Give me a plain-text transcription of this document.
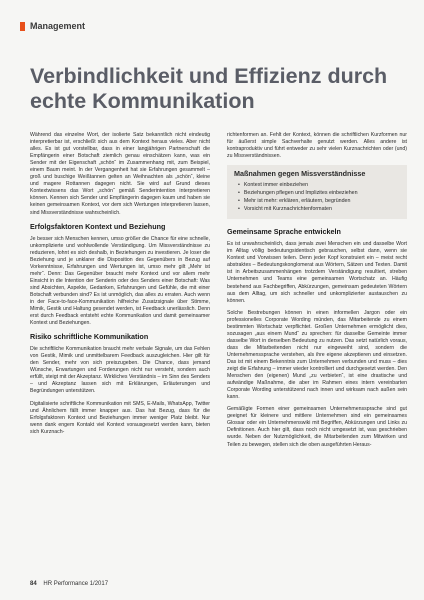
Management
Verbindlichkeit und Effizienz durch echte Kommunikation

Während das einzelne Wort, der isolierte Satz bekanntlich nicht eindeutig interpretierbar ist, erschließt sich aus dem Kontext heraus vieles. Aber nicht alles. Es ist gut vorstellbar, dass in einer langjährigen Partnerschaft die Empfängerin einer Botschaft ziemlich genau einschätzen kann, was ein Sender mit der Eigenschaft „schön“ im Zusammenhang mit, zum Beispiel, einem Baum meint. In der Vergangenheit hat sie Erfahrungen gesammelt – groß und buschige Weißtannen gelten an Weihnachten als „schön“, kleine und magere Rottannen dagegen nicht. Sie wird auf Grund dieses Kontextwissens das Wort „schön“ gemäß Senderintention interpretieren können. Kennen sich Sender und Empfängerin dagegen kaum und haben sie keinen gemeinsamen Kontext, vor dem sich Wertungen interpretieren lassen, sind Missverständnisse wahrscheinlich.

Erfolgsfaktoren Kontext und Beziehung

Je besser sich Menschen kennen, umso größer die Chance für eine schnelle, unkomplizierte und wohlwollende Verständigung. Um Missverständnisse zu reduzieren, lohnt es sich deshalb, in Beziehungen zu investieren. Je loser die Beziehung und je unklarer die Disposition des Gegenübers in Bezug auf Vorkenntnisse, Erfahrungen und Wertungen ist, umso mehr gilt „Mehr ist mehr“. Denn: Das Gegenüber braucht mehr Kontext und vor allem mehr Einsicht in die Intention der Senderin oder des Senders einer Botschaft: Was sind Absichten, Aspekte, Gedanken, Erfahrungen und Gefühle, die mit einer Botschaft verbunden sind? Es ist unmöglich, das alles zu erraten. Auch wenn in der Face-to-face-Kommunikation hilfreiche Zusatzsignale über Stimme, Mimik, Gestik und Haltung gesendet werden, ist Feedback unerlässlich. Denn erst durch Feedback entsteht echte Kommunikation und damit gemeinsamer Kontext und Beziehungen.

Risiko schriftliche Kommunikation

Die schriftliche Kommunikation braucht mehr verbale Signale, um das Fehlen von Gestik, Mimik und unmittelbarem Feedback auszugleichen. Hier gilt für den Sender, mehr von sich preiszugeben. Die Chance, dass jemand Wünsche, Erwartungen und Forderungen nicht nur versteht, sondern auch erfüllt, steigt mit der Akzeptanz. Wirkliches Verständnis – im Sinn des Senders – und Akzeptanz lassen sich mit Erklärungen, Erläuterungen und Begründungen unterstützen.

Digitalisierte schriftliche Kommunikation mit SMS, E-Mails, WhatsApp, Twitter und Ähnlichem fällt immer knapper aus. Das hat Bezug, dass für die Erfolgsfaktoren Kontext und Beziehungen immer weniger Platz bleibt. Nur wenn dank engem Kontakt viel Kontext vorausgesetzt werden kann, bieten sich Kurznach-

richtenformen an. Fehlt der Kontext, können die schriftlichen Kurzformen nur für äußerst simple Sachverhalte genutzt werden. Alles andere ist kontraproduktiv und führt entweder zu sehr vielen Kurznachrichten oder (und) zu Missverständnissen.

Maßnahmen gegen Missverständnisse
• Kontext immer einbeziehen
• Beziehungen pflegen und Implizites einbeziehen
• Mehr ist mehr: erklären, erläutern, begründen
• Vorsicht mit Kurznachrichtenformaten
Gemeinsame Sprache entwickeln

Es ist unwahrscheinlich, dass jemals zwei Menschen ein und dasselbe Wort im Alltag völlig bedeutungsidentisch gebrauchen, selbst dann, wenn sie Kontext und Vorwissen teilen. Denn jeder Kopf konstruiert ein – meist recht abstraktes – Bedeutungskonglomerat aus Wörtern, Sätzen und Texten. Damit ist in Arbeitszusammenhängen trotzdem Verständigung resultiert, streben Unternehmen und Teams eine gemeinsamen Wortschatz an. Häufig bestehend aus Fachbegriffen, Abkürzungen, gemeinsam gedeuteten Wörtern aus dem Alltag, um sich schneller und unkomplizierter austauschen zu können.

Solche Bestrebungen können in einen informellen Jargon oder ein professionelles Corporate Wording münden, das Mitarbeitende zu einem bestimmten Wortschatz verpflichtet. Großen Unternehmen ermöglicht dies, sozusagen „aus einem Mund“ zu sprechen: für dasselbe Gemeinte immer dasselbe Wort in derselben Bedeutung zu nutzen. Das setzt natürlich voraus, dass die Mitarbeitenden nicht nur eingeweiht sind, sondern die Unternehmenssprache verstehen, als ihre eigene akzeptieren und einsetzen. Das ist mit einem Bekenntnis zum Unternehmen verbunden und muss – dies zeigt die Erfahrung – immer wieder kontrolliert und durchgesetzt werden. Den Menschen den (eigenen) Mund „zu verbieten“, ist eine drastische und aufwändige Maßnahme, die aber im Rahmen eines intern vereinbarten Corporate Wording unterstützend nach innen und wirksam nach außen sein kann.

Gemäßigte Formen einer gemeinsamen Unternehmenssprache sind gut geeignet für kleinere und mittlere Unternehmen sind ein gemeinsames Glossar oder ein Unternehmenswiki mit Begriffen, Abkürzungen und Links zu Definitionen. Auch hier gilt, dass noch nicht umgesetzt ist, was geschrieben wurde. Neben der Nutzmöglichkeit, die Mitarbeitenden zum Mitwirken und Teilen zu bewegen, stellen sich die oben ausgeführten Heraus-

84 HR Performance 1/2017
